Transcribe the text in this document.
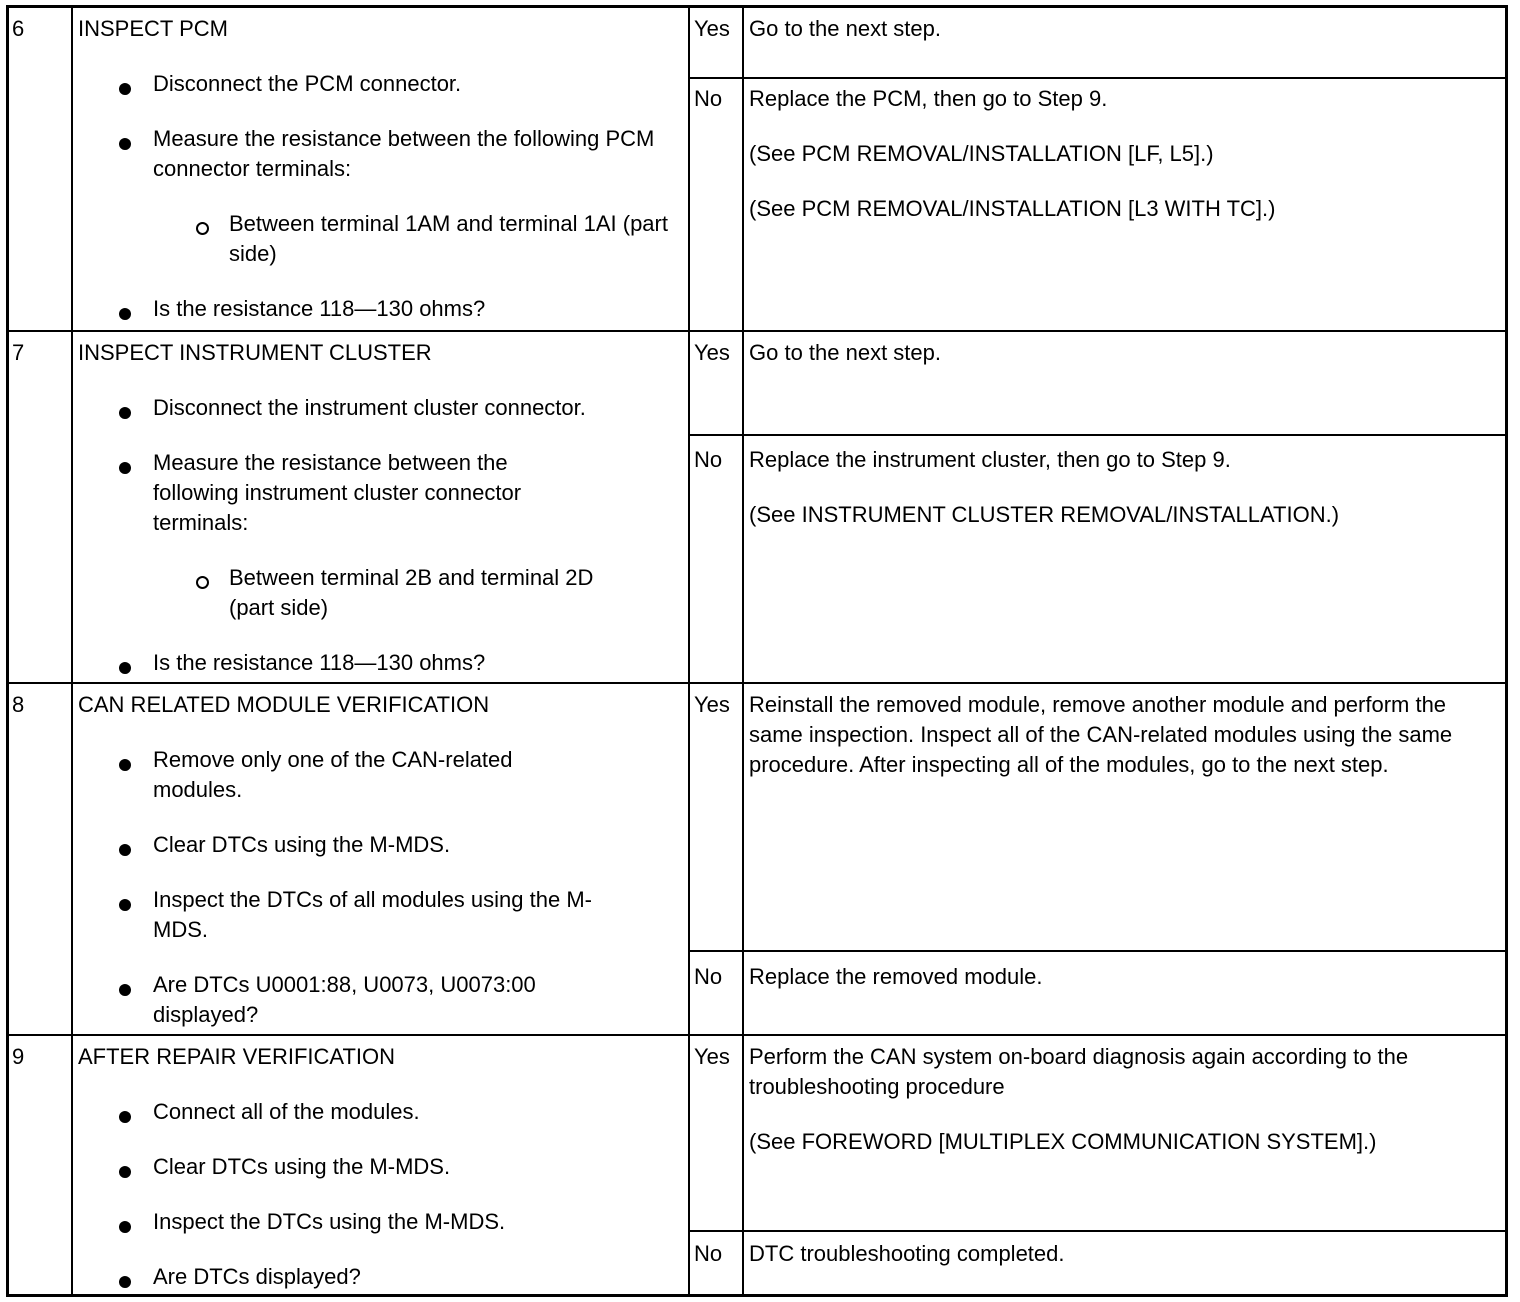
6 INSPECT PCM
Disconnect the PCM connector.
Measure the resistance between the following PCM connector terminals:
Between terminal 1AM and terminal 1AI (part side)
Is the resistance 118—130 ohms?
Yes Go to the next step.
No Replace the PCM, then go to Step 9.
(See PCM REMOVAL/INSTALLATION [LF, L5].)
(See PCM REMOVAL/INSTALLATION [L3 WITH TC].)
7 INSPECT INSTRUMENT CLUSTER
Disconnect the instrument cluster connector.
Measure the resistance between the following instrument cluster connector terminals:
Between terminal 2B and terminal 2D (part side)
Is the resistance 118—130 ohms?
Yes Go to the next step.
No Replace the instrument cluster, then go to Step 9.
(See INSTRUMENT CLUSTER REMOVAL/INSTALLATION.)
8 CAN RELATED MODULE VERIFICATION
Remove only one of the CAN-related modules.
Clear DTCs using the M-MDS.
Inspect the DTCs of all modules using the M-MDS.
Are DTCs U0001:88, U0073, U0073:00 displayed?
Yes Reinstall the removed module, remove another module and perform the same inspection. Inspect all of the CAN-related modules using the same procedure. After inspecting all of the modules, go to the next step.
No Replace the removed module.
9 AFTER REPAIR VERIFICATION
Connect all of the modules.
Clear DTCs using the M-MDS.
Inspect the DTCs using the M-MDS.
Are DTCs displayed?
Yes Perform the CAN system on-board diagnosis again according to the troubleshooting procedure
(See FOREWORD [MULTIPLEX COMMUNICATION SYSTEM].)
No DTC troubleshooting completed.
